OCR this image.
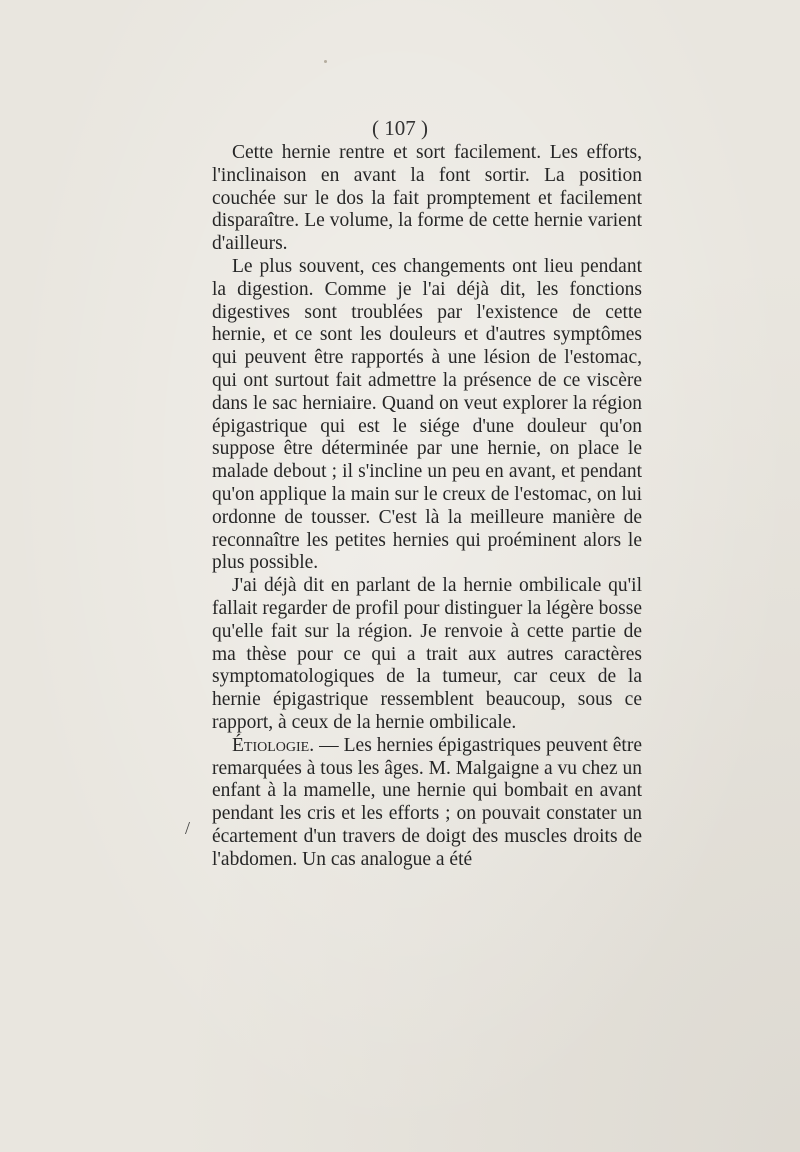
( 107 )

Cette hernie rentre et sort facilement. Les efforts, l'inclinaison en avant la font sortir. La position couchée sur le dos la fait promptement et facilement disparaître. Le volume, la forme de cette hernie varient d'ailleurs.

Le plus souvent, ces changements ont lieu pendant la digestion. Comme je l'ai déjà dit, les fonctions digestives sont troublées par l'existence de cette hernie, et ce sont les douleurs et d'autres symptômes qui peuvent être rapportés à une lésion de l'estomac, qui ont surtout fait admettre la présence de ce viscère dans le sac herniaire. Quand on veut explorer la région épigastrique qui est le siége d'une douleur qu'on suppose être déterminée par une hernie, on place le malade debout ; il s'incline un peu en avant, et pendant qu'on applique la main sur le creux de l'estomac, on lui ordonne de tousser. C'est là la meilleure manière de reconnaître les petites hernies qui proéminent alors le plus possible.

J'ai déjà dit en parlant de la hernie ombilicale qu'il fallait regarder de profil pour distinguer la légère bosse qu'elle fait sur la région. Je renvoie à cette partie de ma thèse pour ce qui a trait aux autres caractères symptomatologiques de la tumeur, car ceux de la hernie épigastrique ressemblent beaucoup, sous ce rapport, à ceux de la hernie ombilicale.

Étiologie. — Les hernies épigastriques peuvent être remarquées à tous les âges. M. Malgaigne a vu chez un enfant à la mamelle, une hernie qui bombait en avant pendant les cris et les efforts ; on pouvait constater un écartement d'un travers de doigt des muscles droits de l'abdomen. Un cas analogue a été

/
